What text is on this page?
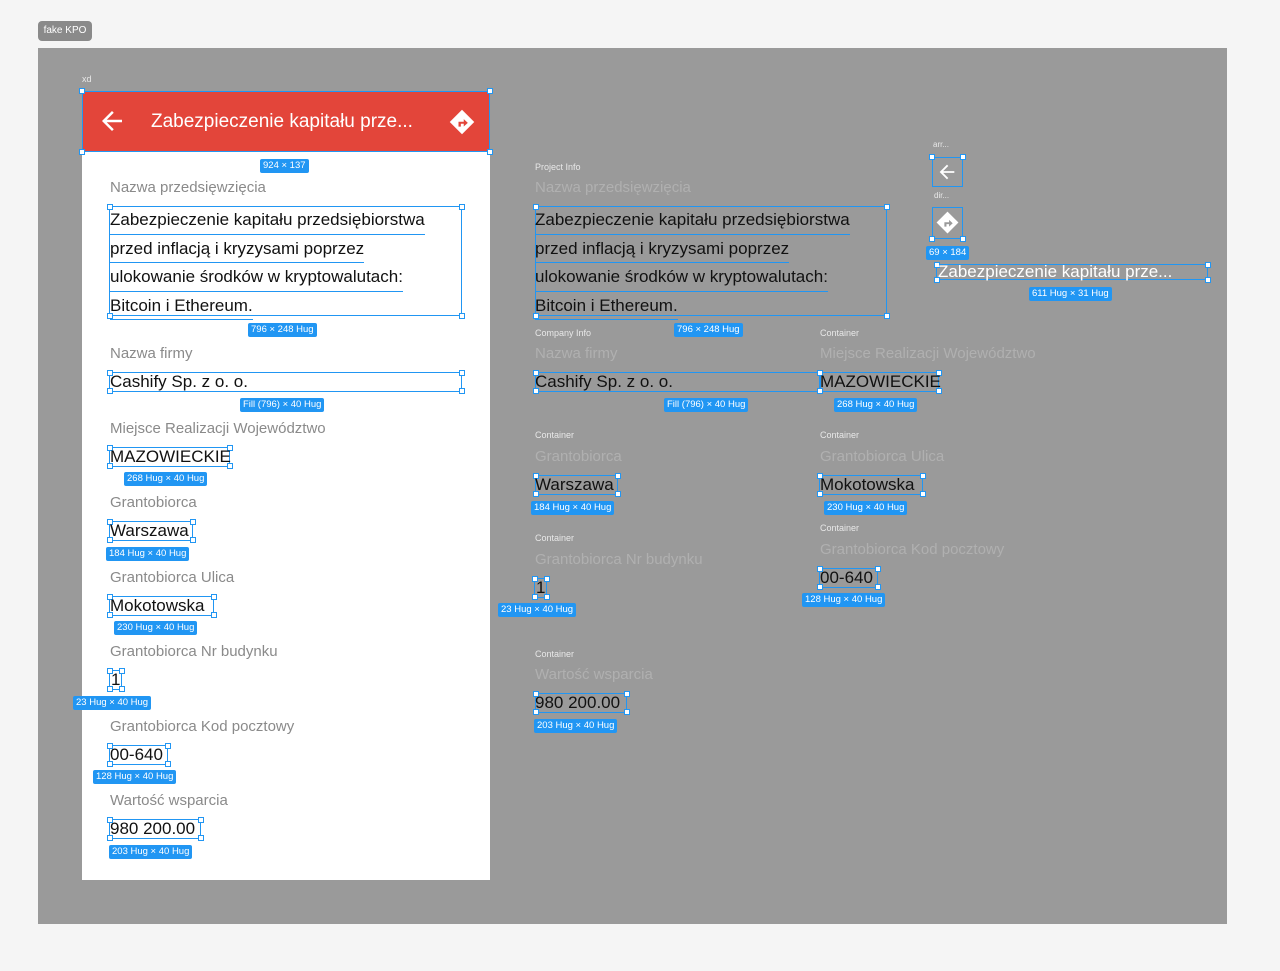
fake KPO
xd
Zabezpieczenie kapitału prze...
924 × 137
Nazwa przedsięwzięcia
Zabezpieczenie kapitału przedsiębiorstwa
przed inflacją i kryzysami poprzez
ulokowanie środków w kryptowalutach:
Bitcoin i Ethereum.
796 × 248 Hug
Nazwa firmy
Cashify Sp. z o. o.
Fill (796) × 40 Hug
Miejsce Realizacji Województwo
MAZOWIECKIE
268 Hug × 40 Hug
Grantobiorca
Warszawa
184 Hug × 40 Hug
Grantobiorca Ulica
Mokotowska
230 Hug × 40 Hug
Grantobiorca Nr budynku
1
23 Hug × 40 Hug
Grantobiorca Kod pocztowy
00-640
128 Hug × 40 Hug
Wartość wsparcia
980 200.00
203 Hug × 40 Hug
Project Info
Nazwa przedsięwzięcia
Zabezpieczenie kapitału przedsiębiorstwa
przed inflacją i kryzysami poprzez
ulokowanie środków w kryptowalutach:
Bitcoin i Ethereum.
796 × 248 Hug
Company Info
Nazwa firmy
Cashify Sp. z o. o.
Fill (796) × 40 Hug
Container
Miejsce Realizacji Województwo
MAZOWIECKIE
268 Hug × 40 Hug
Container
Grantobiorca
Warszawa
184 Hug × 40 Hug
Container
Grantobiorca Ulica
Mokotowska
230 Hug × 40 Hug
Container
Grantobiorca Nr budynku
1
23 Hug × 40 Hug
Container
Grantobiorca Kod pocztowy
00-640
128 Hug × 40 Hug
Container
Wartość wsparcia
980 200.00
203 Hug × 40 Hug
arr...
dir...
69 × 184
Zabezpieczenie kapitału prze...
611 Hug × 31 Hug
